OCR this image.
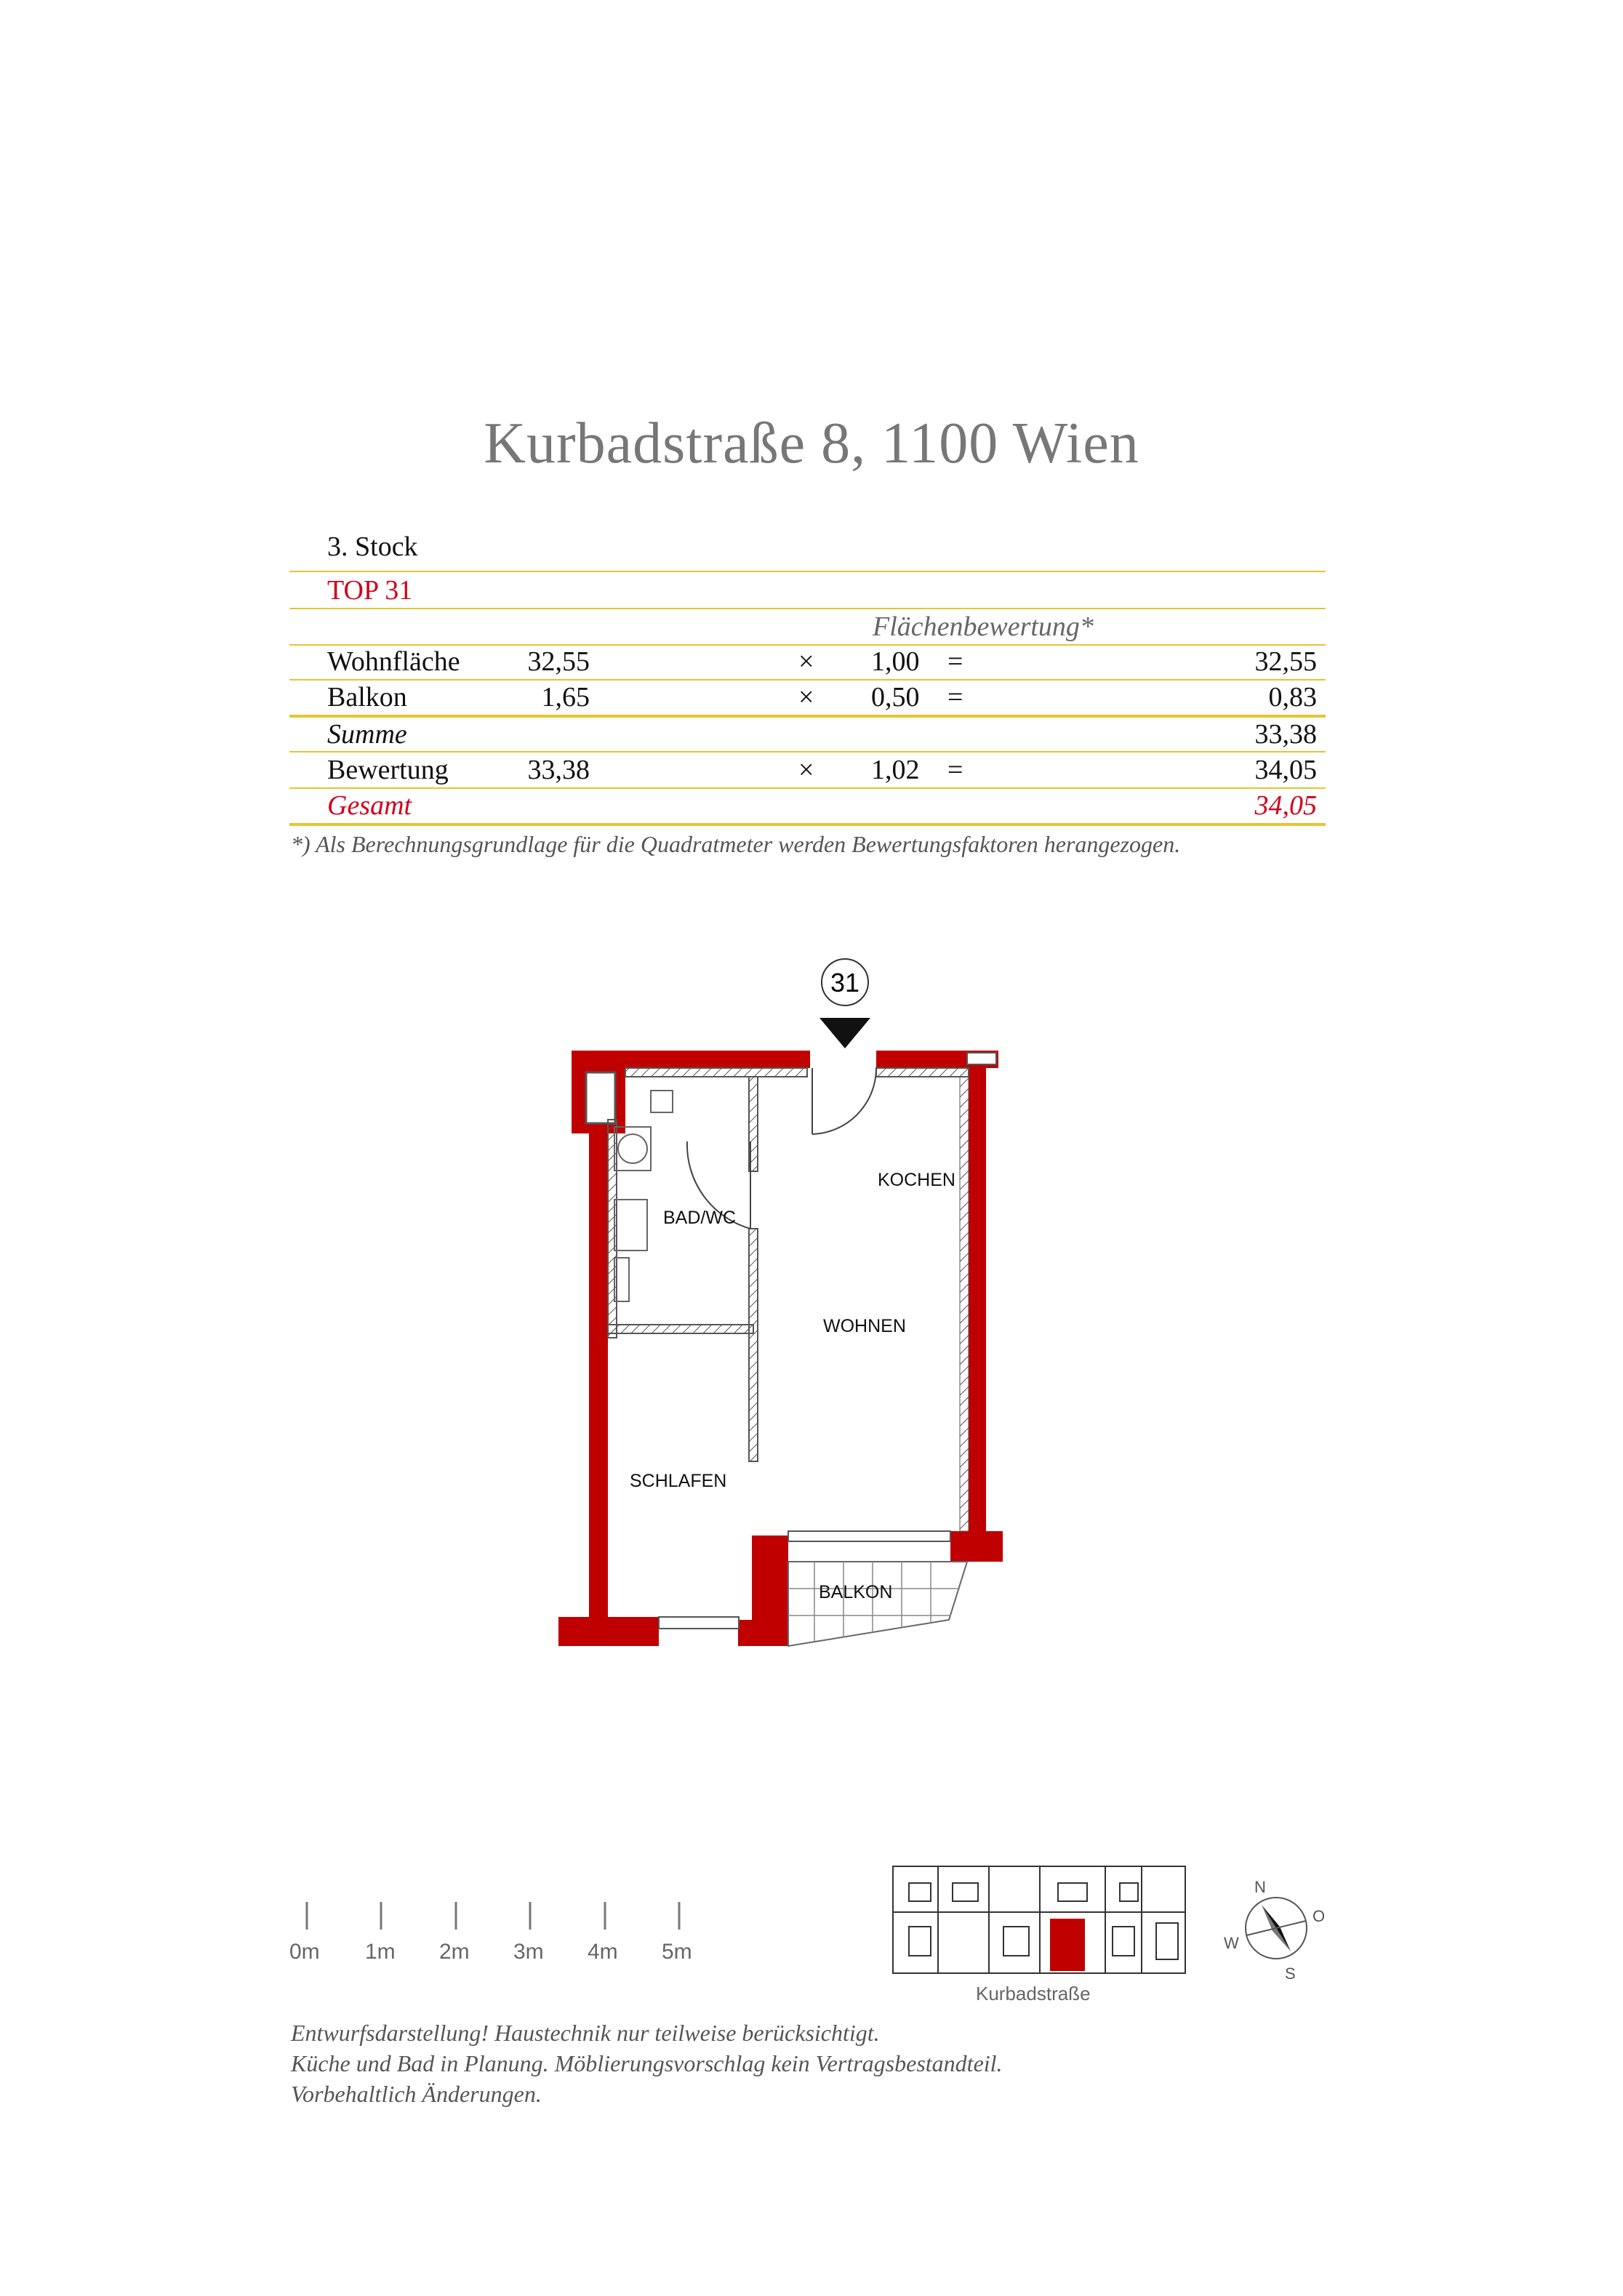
Kurbadstraße 8, 1100 Wien
3. Stock
TOP 31
Flächenbewertung*
Wohnfläche 32,55	× 1,00 =	32,55
Balkon	1,65	× 0,50 =	0,83
Summe	33,38
Bewertung	33,38	× 1,02 =	34,05
Gesamt	34,05
*) Als Berechnungsgrundlage für die Quadratmeter werden Bewertungsfaktoren herangezogen.
31
KOCHEN
BAD/WC
WOHNEN
SCHLAFEN
BALKON
N
O
S
W
0m 1m 2m 3m 4m 5m
Kurbadstraße
Entwurfsdarstellung! Haustechnik nur teilweise berücksichtigt.
Küche und Bad in Planung. Möblierungsvorschlag kein Vertragsbestandteil.
Vorbehaltlich Änderungen.
